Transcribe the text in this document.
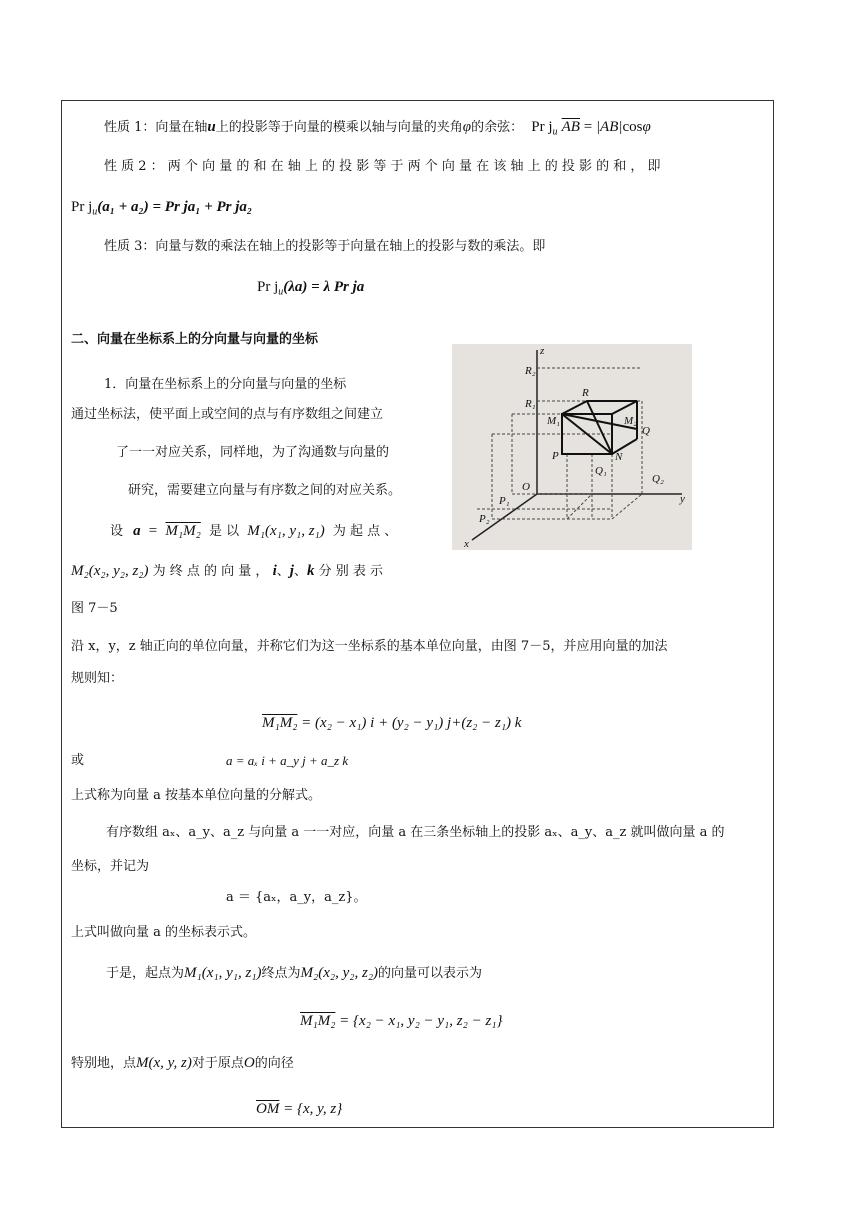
性质 1：向量在轴u上的投影等于向量的模乘以轴与向量的夹角φ的余弦： Pr $j_u$ $\overline{AB} = |AB|\cos\varphi$
性 质 2 ： 两 个 向 量 的 和 在 轴 上 的 投 影 等 于 两 个 向 量 在 该 轴 上 的 投 影 的 和 ， 即
Pr $j_u(a_1 + a_2) = Pr$ ja₁ + Pr ja₂
性质 3：向量与数的乘法在轴上的投影等于向量在轴上的投影与数的乘法。即
Pr $j_u(\lambda a) = \lambda$ Pr ja
二、向量在坐标系上的分向量与向量的坐标
z
R₂
R₁
R
M₁	M₂
Q
P	N
O
Q₁
Q₂
y
P₁
P₂
x
1．向量在坐标系上的分向量与向量的坐标
通过坐标法，使平面上或空间的点与有序数组之间建立
了一一对应关系，同样地，为了沟通数与向量的
研究，需要建立向量与有序数之间的对应关系。
设 a = M₁M₂ 是 以 M₁(x₁, y₁, z₁) 为 起 点 、
M₂(x₂, y₂, z₂) 为 终 点 的 向 量 ， i、j、k 分 别 表 示
图 7－5
沿 x，y，z 轴正向的单位向量，并称它们为这一坐标系的基本单位向量，由图 7－5，并应用向量的加法
规则知：
M₁M₂ = (x₂ − x₁) i + (y₂ − y₁) j+(z₂ − z₁) k
或	a = aₓ i + a_y j + a_z k
上式称为向量 a 按基本单位向量的分解式。
有序数组 aₓ、a_y、a_z 与向量 a 一一对应，向量 a 在三条坐标轴上的投影 aₓ、a_y、a_z 就叫做向量 a 的
坐标，并记为
a ＝ {aₓ，a_y，a_z}。
上式叫做向量 a 的坐标表示式。
于是，起点为M₁(x₁, y₁, z₁)终点为M₂(x₂, y₂, z₂)的向量可以表示为
M₁M₂ = {x₂ − x₁, y₂ − y₁, z₂ − z₁}
特别地，点M(x, y, z)对于原点O的向径
$\overline{OM} = \{x$, y, z}
